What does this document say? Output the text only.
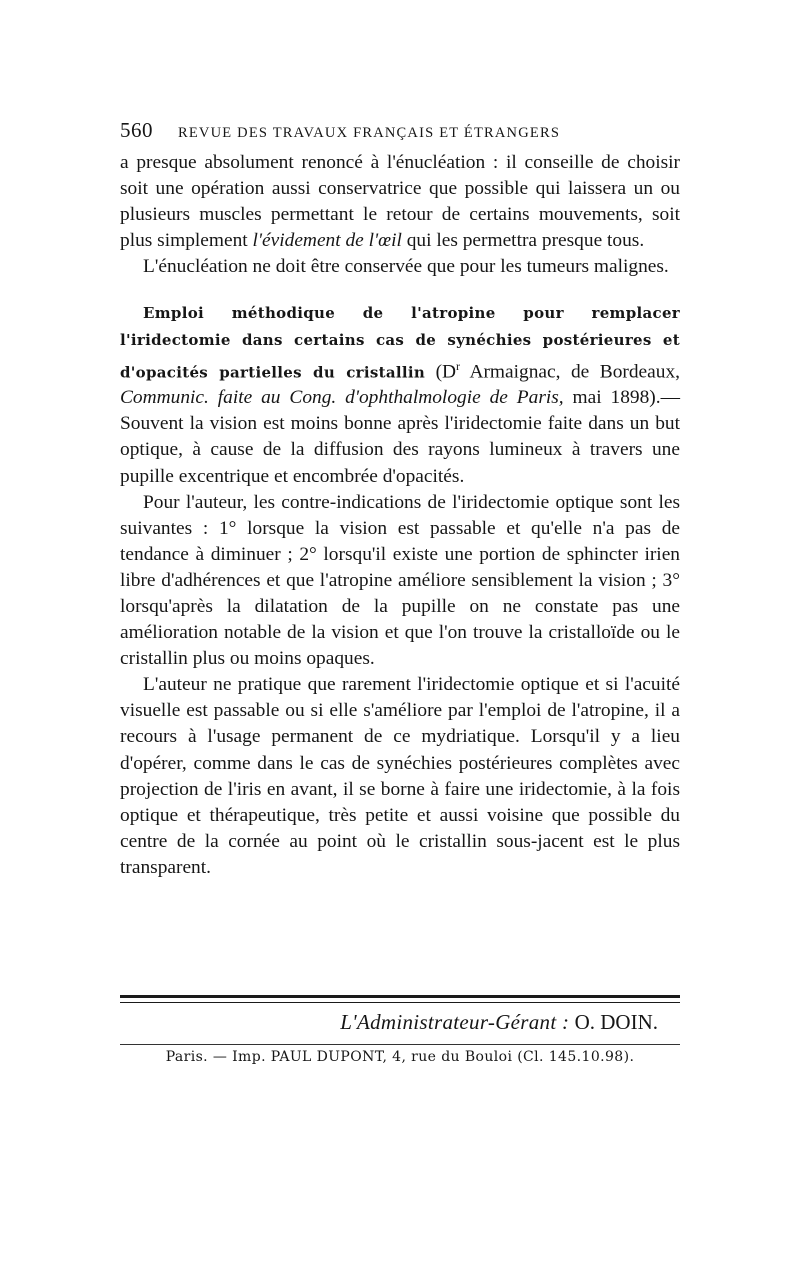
560	REVUE DES TRAVAUX FRANÇAIS ET ÉTRANGERS

a presque absolument renoncé à l'énucléation : il conseille de choisir soit une opération aussi conservatrice que possible qui laissera un ou plusieurs muscles permettant le retour de certains mouvements, soit plus simplement l'évidement de l'œil qui les permettra presque tous.

L'énucléation ne doit être conservée que pour les tumeurs malignes.

Emploi méthodique de l'atropine pour remplacer l'iridectomie dans certains cas de synéchies postérieures et d'opacités partielles du cristallin ($D^r$ Armaignac, de Bordeaux, Communic. faite au Cong. d'ophthalmologie de Paris, mai 1898).— Souvent la vision est moins bonne après l'iridectomie faite dans un but optique, à cause de la diffusion des rayons lumineux à travers une pupille excentrique et encombrée d'opacités.

Pour l'auteur, les contre-indications de l'iridectomie optique sont les suivantes : 1° lorsque la vision est passable et qu'elle n'a pas de tendance à diminuer ; 2° lorsqu'il existe une portion de sphincter irien libre d'adhérences et que l'atropine améliore sensiblement la vision ; 3° lorsqu'après la dilatation de la pupille on ne constate pas une amélioration notable de la vision et que l'on trouve la cristalloïde ou le cristallin plus ou moins opaques.

L'auteur ne pratique que rarement l'iridectomie optique et si l'acuité visuelle est passable ou si elle s'améliore par l'emploi de l'atropine, il a recours à l'usage permanent de ce mydriatique. Lorsqu'il y a lieu d'opérer, comme dans le cas de synéchies postérieures complètes avec projection de l'iris en avant, il se borne à faire une iridectomie, à la fois optique et thérapeutique, très petite et aussi voisine que possible du centre de la cornée au point où le cristallin sous-jacent est le plus transparent.

L'Administrateur-Gérant : O. DOIN.
Paris. — Imp. PAUL DUPONT, 4, rue du Bouloi (Cl. 145.10.98).
